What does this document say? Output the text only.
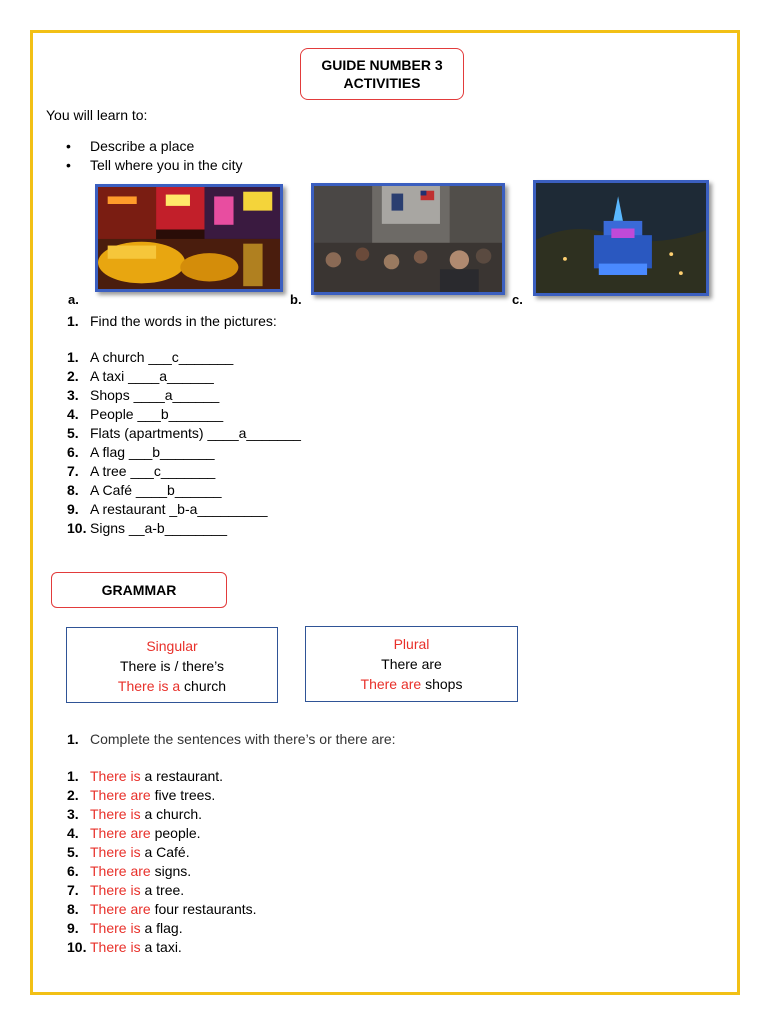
GUIDE NUMBER 3
ACTIVITIES
You will learn to:
• Describe a place
• Tell where you in the city
a.	b.	c.
1. Find the words in the pictures:
1. A church ___c_______
2. A taxi ____a______
3. Shops ____a______
4. People ___b_______
5. Flats (apartments) ____a_______
6. A flag ___b_______
7. A tree ___c_______
8. A Café ____b______
9. A restaurant _b-a_________
10. Signs __a-b________
GRAMMAR
Singular
There is / there’s
There is a church
Plural
There are
There are shops
1. Complete the sentences with there’s or there are:
1. There is a restaurant.
2. There are five trees.
3. There is a church.
4. There are people.
5. There is a Café.
6. There are signs.
7. There is a tree.
8. There are four restaurants.
9. There is a flag.
10. There is a taxi.
